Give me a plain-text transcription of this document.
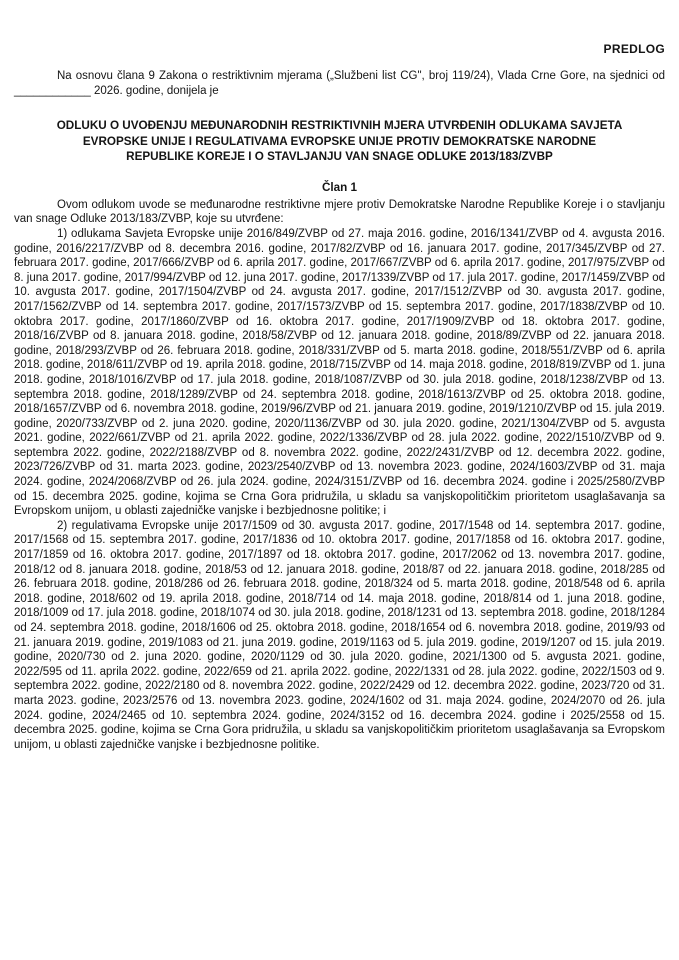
PREDLOG

Na osnovu člana 9 Zakona o restriktivnim mjerama („Službeni list CG", broj 119/24), Vlada Crne Gore, na sjednici od ____________ 2026. godine, donijela je

ODLUKU O UVOĐENJU MEĐUNARODNIH RESTRIKTIVNIH MJERA UTVRĐENIH ODLUKAMA SAVJETA
EVROPSKE UNIJE I REGULATIVAMA EVROPSKE UNIJE PROTIV DEMOKRATSKE NARODNE
REPUBLIKE KOREJE I O STAVLJANJU VAN SNAGE ODLUKE 2013/183/ZVBP
Član 1

Ovom odlukom uvode se međunarodne restriktivne mjere protiv Demokratske Narodne Republike Koreje i o stavljanju van snage Odluke 2013/183/ZVBP, koje su utvrđene:

1) odlukama Savjeta Evropske unije 2016/849/ZVBP od 27. maja 2016. godine, 2016/1341/ZVBP od 4. avgusta 2016. godine, 2016/2217/ZVBP od 8. decembra 2016. godine, 2017/82/ZVBP od 16. januara 2017. godine, 2017/345/ZVBP od 27. februara 2017. godine, 2017/666/ZVBP od 6. aprila 2017. godine, 2017/667/ZVBP od 6. aprila 2017. godine, 2017/975/ZVBP od 8. juna 2017. godine, 2017/994/ZVBP od 12. juna 2017. godine, 2017/1339/ZVBP od 17. jula 2017. godine, 2017/1459/ZVBP od 10. avgusta 2017. godine, 2017/1504/ZVBP od 24. avgusta 2017. godine, 2017/1512/ZVBP od 30. avgusta 2017. godine, 2017/1562/ZVBP od 14. septembra 2017. godine, 2017/1573/ZVBP od 15. septembra 2017. godine, 2017/1838/ZVBP od 10. oktobra 2017. godine, 2017/1860/ZVBP od 16. oktobra 2017. godine, 2017/1909/ZVBP od 18. oktobra 2017. godine, 2018/16/ZVBP od 8. januara 2018. godine, 2018/58/ZVBP od 12. januara 2018. godine, 2018/89/ZVBP od 22. januara 2018. godine, 2018/293/ZVBP od 26. februara 2018. godine, 2018/331/ZVBP od 5. marta 2018. godine, 2018/551/ZVBP od 6. aprila 2018. godine, 2018/611/ZVBP od 19. aprila 2018. godine, 2018/715/ZVBP od 14. maja 2018. godine, 2018/819/ZVBP od 1. juna 2018. godine, 2018/1016/ZVBP od 17. jula 2018. godine, 2018/1087/ZVBP od 30. jula 2018. godine, 2018/1238/ZVBP od 13. septembra 2018. godine, 2018/1289/ZVBP od 24. septembra 2018. godine, 2018/1613/ZVBP od 25. oktobra 2018. godine, 2018/1657/ZVBP od 6. novembra 2018. godine, 2019/96/ZVBP od 21. januara 2019. godine, 2019/1210/ZVBP od 15. jula 2019. godine, 2020/733/ZVBP od 2. juna 2020. godine, 2020/1136/ZVBP od 30. jula 2020. godine, 2021/1304/ZVBP od 5. avgusta 2021. godine, 2022/661/ZVBP od 21. aprila 2022. godine, 2022/1336/ZVBP od 28. jula 2022. godine, 2022/1510/ZVBP od 9. septembra 2022. godine, 2022/2188/ZVBP od 8. novembra 2022. godine, 2022/2431/ZVBP od 12. decembra 2022. godine, 2023/726/ZVBP od 31. marta 2023. godine, 2023/2540/ZVBP od 13. novembra 2023. godine, 2024/1603/ZVBP od 31. maja 2024. godine, 2024/2068/ZVBP od 26. jula 2024. godine, 2024/3151/ZVBP od 16. decembra 2024. godine i 2025/2580/ZVBP od 15. decembra 2025. godine, kojima se Crna Gora pridružila, u skladu sa vanjskopolitičkim prioritetom usaglašavanja sa Evropskom unijom, u oblasti zajedničke vanjske i bezbjednosne politike; i

2) regulativama Evropske unije 2017/1509 od 30. avgusta 2017. godine, 2017/1548 od 14. septembra 2017. godine, 2017/1568 od 15. septembra 2017. godine, 2017/1836 od 10. oktobra 2017. godine, 2017/1858 od 16. oktobra 2017. godine, 2017/1859 od 16. oktobra 2017. godine, 2017/1897 od 18. oktobra 2017. godine, 2017/2062 od 13. novembra 2017. godine, 2018/12 od 8. januara 2018. godine, 2018/53 od 12. januara 2018. godine, 2018/87 od 22. januara 2018. godine, 2018/285 od 26. februara 2018. godine, 2018/286 od 26. februara 2018. godine, 2018/324 od 5. marta 2018. godine, 2018/548 od 6. aprila 2018. godine, 2018/602 od 19. aprila 2018. godine, 2018/714 od 14. maja 2018. godine, 2018/814 od 1. juna 2018. godine, 2018/1009 od 17. jula 2018. godine, 2018/1074 od 30. jula 2018. godine, 2018/1231 od 13. septembra 2018. godine, 2018/1284 od 24. septembra 2018. godine, 2018/1606 od 25. oktobra 2018. godine, 2018/1654 od 6. novembra 2018. godine, 2019/93 od 21. januara 2019. godine, 2019/1083 od 21. juna 2019. godine, 2019/1163 od 5. jula 2019. godine, 2019/1207 od 15. jula 2019. godine, 2020/730 od 2. juna 2020. godine, 2020/1129 od 30. jula 2020. godine, 2021/1300 od 5. avgusta 2021. godine, 2022/595 od 11. aprila 2022. godine, 2022/659 od 21. aprila 2022. godine, 2022/1331 od 28. jula 2022. godine, 2022/1503 od 9. septembra 2022. godine, 2022/2180 od 8. novembra 2022. godine, 2022/2429 od 12. decembra 2022. godine, 2023/720 od 31. marta 2023. godine, 2023/2576 od 13. novembra 2023. godine, 2024/1602 od 31. maja 2024. godine, 2024/2070 od 26. jula 2024. godine, 2024/2465 od 10. septembra 2024. godine, 2024/3152 od 16. decembra 2024. godine i 2025/2558 od 15. decembra 2025. godine, kojima se Crna Gora pridružila, u skladu sa vanjskopolitičkim prioritetom usaglašavanja sa Evropskom unijom, u oblasti zajedničke vanjske i bezbjednosne politike.
